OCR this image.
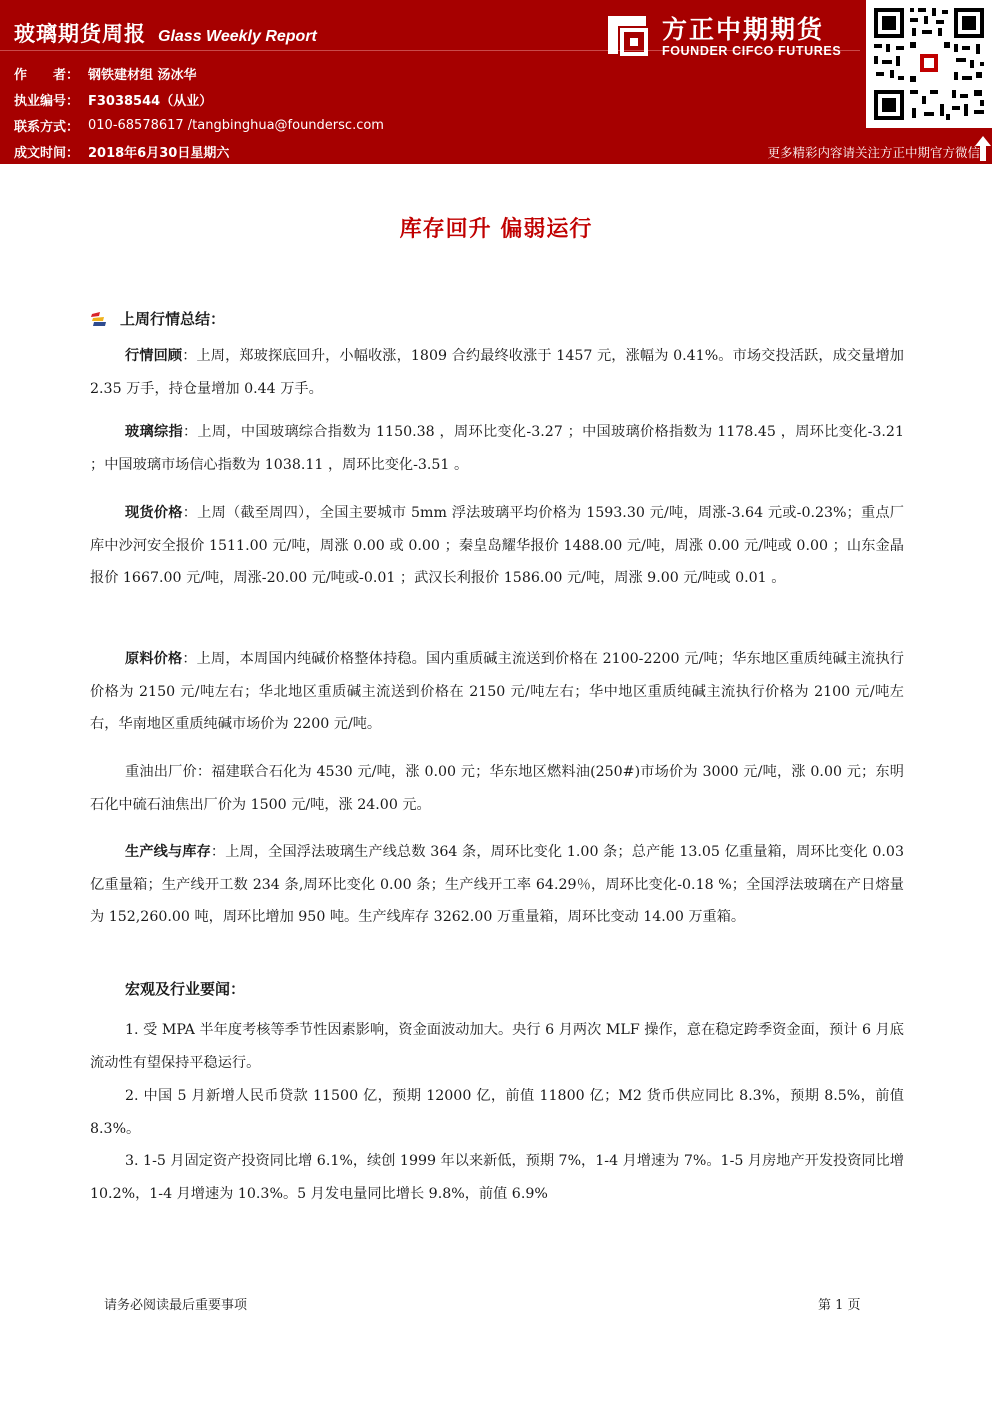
玻璃期货周报 Glass Weekly Report
作　　者： 钢铁建材组 汤冰华
执业编号： F3038544（从业）
联系方式： 010-68578617 /tangbinghua@foundersc.com
成文时间： 2018年6月30日星期六
方正中期期货
FOUNDER CIFCO FUTURES
更多精彩内容请关注方正中期官方微信
库存回升 偏弱运行
上周行情总结：

行情回顾：上周，郑玻探底回升，小幅收涨，1809 合约最终收涨于 1457 元，涨幅为 0.41%。市场交投活跃，成交量增加 2.35 万手，持仓量增加 0.44 万手。

玻璃综指：上周，中国玻璃综合指数为 1150.38 ，周环比变化-3.27 ；中国玻璃价格指数为 1178.45 ，周环比变化-3.21 ；中国玻璃市场信心指数为 1038.11 ，周环比变化-3.51 。

现货价格：上周（截至周四），全国主要城市 5mm 浮法玻璃平均价格为 1593.30 元/吨，周涨-3.64 元或-0.23%；重点厂库中沙河安全报价 1511.00 元/吨，周涨 0.00 或 0.00 ；秦皇岛耀华报价 1488.00 元/吨，周涨 0.00 元/吨或 0.00 ；山东金晶报价 1667.00 元/吨，周涨-20.00 元/吨或-0.01 ；武汉长利报价 1586.00 元/吨，周涨 9.00 元/吨或 0.01 。

原料价格：上周，本周国内纯碱价格整体持稳。国内重质碱主流送到价格在 2100-2200 元/吨；华东地区重质纯碱主流执行价格为 2150 元/吨左右；华北地区重质碱主流送到价格在 2150 元/吨左右；华中地区重质纯碱主流执行价格为 2100 元/吨左右，华南地区重质纯碱市场价为 2200 元/吨。

重油出厂价：福建联合石化为 4530 元/吨，涨 0.00 元；华东地区燃料油(250#)市场价为 3000 元/吨，涨 0.00 元；东明石化中硫石油焦出厂价为 1500 元/吨，涨 24.00 元。

生产线与库存：上周，全国浮法玻璃生产线总数 364 条，周环比变化 1.00 条；总产能 13.05 亿重量箱，周环比变化 0.03 亿重量箱；生产线开工数 234 条,周环比变化 0.00 条；生产线开工率 64.29％，周环比变化-0.18 %；全国浮法玻璃在产日熔量为 152,260.00 吨，周环比增加 950 吨。生产线库存 3262.00 万重量箱，周环比变动 14.00 万重箱。

宏观及行业要闻：

1. 受 MPA 半年度考核等季节性因素影响，资金面波动加大。央行 6 月两次 MLF 操作，意在稳定跨季资金面，预计 6 月底流动性有望保持平稳运行。

2. 中国 5 月新增人民币贷款 11500 亿，预期 12000 亿，前值 11800 亿；M2 货币供应同比 8.3%，预期 8.5%，前值 8.3%。

3. 1-5 月固定资产投资同比增 6.1%，续创 1999 年以来新低，预期 7%，1-4 月增速为 7%。1-5 月房地产开发投资同比增 10.2%，1-4 月增速为 10.3%。5 月发电量同比增长 9.8%，前值 6.9%

请务必阅读最后重要事项	第 1 页
